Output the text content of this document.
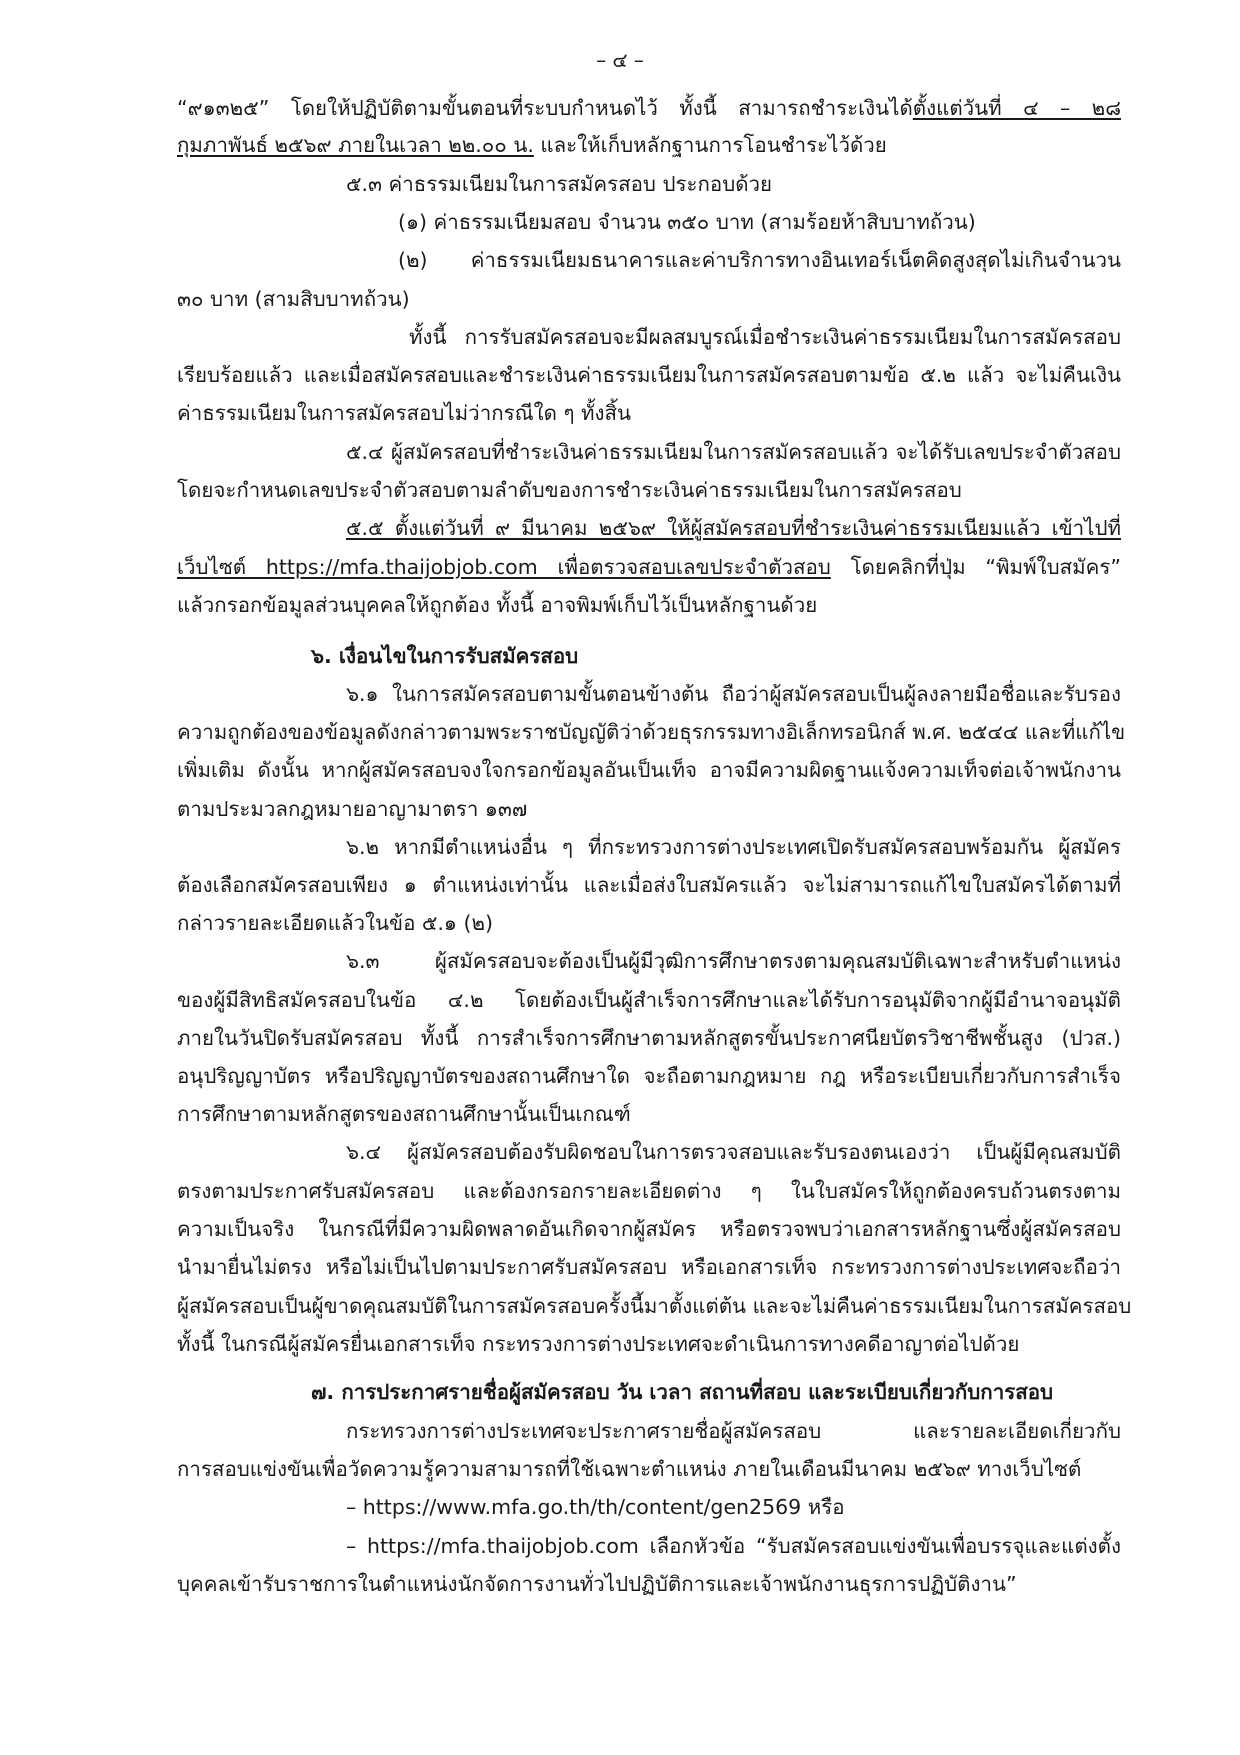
– ๔ –
“๙๑๓๒๕” โดยให้ปฏิบัติตามขั้นตอนที่ระบบกำหนดไว้ ทั้งนี้ สามารถชำระเงินได้ตั้งแต่วันที่ ๔ – ๒๘
กุมภาพันธ์ ๒๕๖๙ ภายในเวลา ๒๒.๐๐ น. และให้เก็บหลักฐานการโอนชำระไว้ด้วย
๕.๓ ค่าธรรมเนียมในการสมัครสอบ ประกอบด้วย
(๑) ค่าธรรมเนียมสอบ จำนวน ๓๕๐ บาท (สามร้อยห้าสิบบาทถ้วน)
(๒) ค่าธรรมเนียมธนาคารและค่าบริการทางอินเทอร์เน็ตคิดสูงสุดไม่เกินจำนวน
๓๐ บาท (สามสิบบาทถ้วน)
ทั้งนี้ การรับสมัครสอบจะมีผลสมบูรณ์เมื่อชำระเงินค่าธรรมเนียมในการสมัครสอบ
เรียบร้อยแล้ว และเมื่อสมัครสอบและชำระเงินค่าธรรมเนียมในการสมัครสอบตามข้อ ๕.๒ แล้ว จะไม่คืนเงิน
ค่าธรรมเนียมในการสมัครสอบไม่ว่ากรณีใด ๆ ทั้งสิ้น
๕.๔ ผู้สมัครสอบที่ชำระเงินค่าธรรมเนียมในการสมัครสอบแล้ว จะได้รับเลขประจำตัวสอบ
โดยจะกำหนดเลขประจำตัวสอบตามลำดับของการชำระเงินค่าธรรมเนียมในการสมัครสอบ
๕.๕ ตั้งแต่วันที่ ๙ มีนาคม ๒๕๖๙ ให้ผู้สมัครสอบที่ชำระเงินค่าธรรมเนียมแล้ว เข้าไปที่
เว็บไซต์ https://mfa.thaijobjob.com เพื่อตรวจสอบเลขประจำตัวสอบ โดยคลิกที่ปุ่ม “พิมพ์ใบสมัคร”
แล้วกรอกข้อมูลส่วนบุคคลให้ถูกต้อง ทั้งนี้ อาจพิมพ์เก็บไว้เป็นหลักฐานด้วย
๖. เงื่อนไขในการรับสมัครสอบ
๖.๑ ในการสมัครสอบตามขั้นตอนข้างต้น ถือว่าผู้สมัครสอบเป็นผู้ลงลายมือชื่อและรับรอง
ความถูกต้องของข้อมูลดังกล่าวตามพระราชบัญญัติว่าด้วยธุรกรรมทางอิเล็กทรอนิกส์ พ.ศ. ๒๕๔๔ และที่แก้ไข
เพิ่มเติม ดังนั้น หากผู้สมัครสอบจงใจกรอกข้อมูลอันเป็นเท็จ อาจมีความผิดฐานแจ้งความเท็จต่อเจ้าพนักงาน
ตามประมวลกฎหมายอาญามาตรา ๑๓๗
๖.๒ หากมีตำแหน่งอื่น ๆ ที่กระทรวงการต่างประเทศเปิดรับสมัครสอบพร้อมกัน ผู้สมัคร
ต้องเลือกสมัครสอบเพียง ๑ ตำแหน่งเท่านั้น และเมื่อส่งใบสมัครแล้ว จะไม่สามารถแก้ไขใบสมัครได้ตามที่
กล่าวรายละเอียดแล้วในข้อ ๕.๑ (๒)
๖.๓ ผู้สมัครสอบจะต้องเป็นผู้มีวุฒิการศึกษาตรงตามคุณสมบัติเฉพาะสำหรับตำแหน่ง
ของผู้มีสิทธิสมัครสอบในข้อ ๔.๒ โดยต้องเป็นผู้สำเร็จการศึกษาและได้รับการอนุมัติจากผู้มีอำนาจอนุมัติ
ภายในวันปิดรับสมัครสอบ ทั้งนี้ การสำเร็จการศึกษาตามหลักสูตรขั้นประกาศนียบัตรวิชาชีพชั้นสูง (ปวส.)
อนุปริญญาบัตร หรือปริญญาบัตรของสถานศึกษาใด จะถือตามกฎหมาย กฎ หรือระเบียบเกี่ยวกับการสำเร็จ
การศึกษาตามหลักสูตรของสถานศึกษานั้นเป็นเกณฑ์
๖.๔ ผู้สมัครสอบต้องรับผิดชอบในการตรวจสอบและรับรองตนเองว่า เป็นผู้มีคุณสมบัติ
ตรงตามประกาศรับสมัครสอบ และต้องกรอกรายละเอียดต่าง ๆ ในใบสมัครให้ถูกต้องครบถ้วนตรงตาม
ความเป็นจริง ในกรณีที่มีความผิดพลาดอันเกิดจากผู้สมัคร หรือตรวจพบว่าเอกสารหลักฐานซึ่งผู้สมัครสอบ
นำมายื่นไม่ตรง หรือไม่เป็นไปตามประกาศรับสมัครสอบ หรือเอกสารเท็จ กระทรวงการต่างประเทศจะถือว่า
ผู้สมัครสอบเป็นผู้ขาดคุณสมบัติในการสมัครสอบครั้งนี้มาตั้งแต่ต้น และจะไม่คืนค่าธรรมเนียมในการสมัครสอบ
ทั้งนี้ ในกรณีผู้สมัครยื่นเอกสารเท็จ กระทรวงการต่างประเทศจะดำเนินการทางคดีอาญาต่อไปด้วย
๗. การประกาศรายชื่อผู้สมัครสอบ วัน เวลา สถานที่สอบ และระเบียบเกี่ยวกับการสอบ
กระทรวงการต่างประเทศจะประกาศรายชื่อผู้สมัครสอบ และรายละเอียดเกี่ยวกับ
การสอบแข่งขันเพื่อวัดความรู้ความสามารถที่ใช้เฉพาะตำแหน่ง ภายในเดือนมีนาคม ๒๕๖๙ ทางเว็บไซต์
– https://www.mfa.go.th/th/content/gen2569 หรือ
– https://mfa.thaijobjob.com เลือกหัวข้อ “รับสมัครสอบแข่งขันเพื่อบรรจุและแต่งตั้ง
บุคคลเข้ารับราชการในตำแหน่งนักจัดการงานทั่วไปปฏิบัติการและเจ้าพนักงานธุรการปฏิบัติงาน”
